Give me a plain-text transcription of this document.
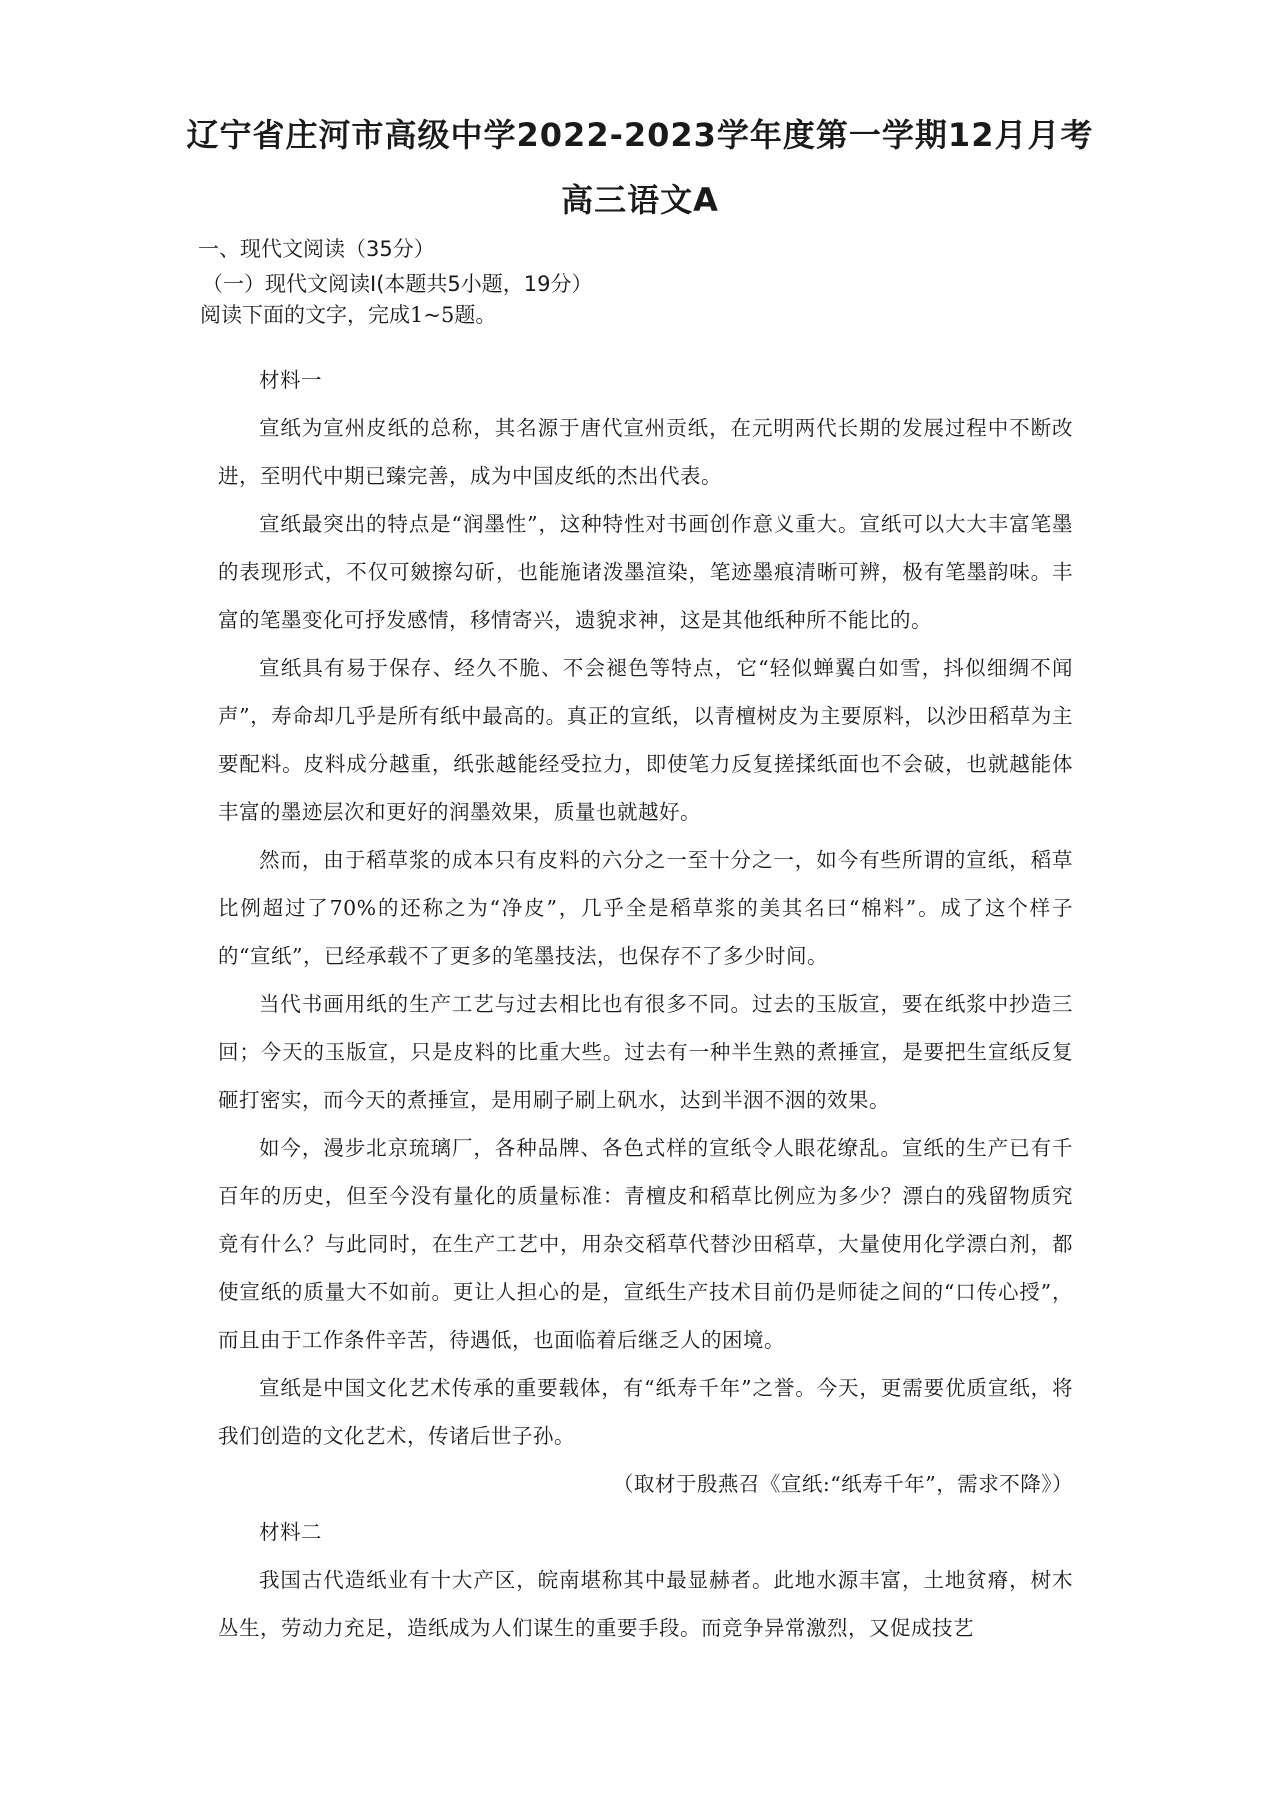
辽宁省庄河市高级中学2022-2023学年度第一学期12月月考
高三语文A
一、现代文阅读（35分）
（一）现代文阅读Ⅰ(本题共5小题，19分）
阅读下面的文字，完成1~5题。

材料一

宣纸为宣州皮纸的总称，其名源于唐代宣州贡纸，在元明两代长期的发展过程中不断改进，至明代中期已臻完善，成为中国皮纸的杰出代表。

宣纸最突出的特点是“润墨性”，这种特性对书画创作意义重大。宣纸可以大大丰富笔墨的表现形式，不仅可皴擦勾斫，也能施诸泼墨渲染，笔迹墨痕清晰可辨，极有笔墨韵味。丰富的笔墨变化可抒发感情，移情寄兴，遗貌求神，这是其他纸种所不能比的。

宣纸具有易于保存、经久不脆、不会褪色等特点，它“轻似蝉翼白如雪，抖似细绸不闻声”，寿命却几乎是所有纸中最高的。真正的宣纸，以青檀树皮为主要原料，以沙田稻草为主要配料。皮料成分越重，纸张越能经受拉力，即使笔力反复搓揉纸面也不会破，也就越能体丰富的墨迹层次和更好的润墨效果，质量也就越好。

然而，由于稻草浆的成本只有皮料的六分之一至十分之一，如今有些所谓的宣纸，稻草比例超过了70%的还称之为“净皮”，几乎全是稻草浆的美其名曰“棉料”。成了这个样子的“宣纸”，已经承载不了更多的笔墨技法，也保存不了多少时间。

当代书画用纸的生产工艺与过去相比也有很多不同。过去的玉版宣，要在纸浆中抄造三回；今天的玉版宣，只是皮料的比重大些。过去有一种半生熟的煮捶宣，是要把生宣纸反复砸打密实，而今天的煮捶宣，是用刷子刷上矾水，达到半洇不洇的效果。

如今，漫步北京琉璃厂，各种品牌、各色式样的宣纸令人眼花缭乱。宣纸的生产已有千百年的历史，但至今没有量化的质量标准：青檀皮和稻草比例应为多少？漂白的残留物质究竟有什么？与此同时，在生产工艺中，用杂交稻草代替沙田稻草，大量使用化学漂白剂，都使宣纸的质量大不如前。更让人担心的是，宣纸生产技术目前仍是师徒之间的“口传心授”，而且由于工作条件辛苦，待遇低，也面临着后继乏人的困境。

宣纸是中国文化艺术传承的重要载体，有“纸寿千年”之誉。今天，更需要优质宣纸，将我们创造的文化艺术，传诸后世子孙。

（取材于殷燕召《宣纸:“纸寿千年”，需求不降》）

材料二

我国古代造纸业有十大产区，皖南堪称其中最显赫者。此地水源丰富，土地贫瘠，树木丛生，劳动力充足，造纸成为人们谋生的重要手段。而竞争异常激烈，又促成技艺
